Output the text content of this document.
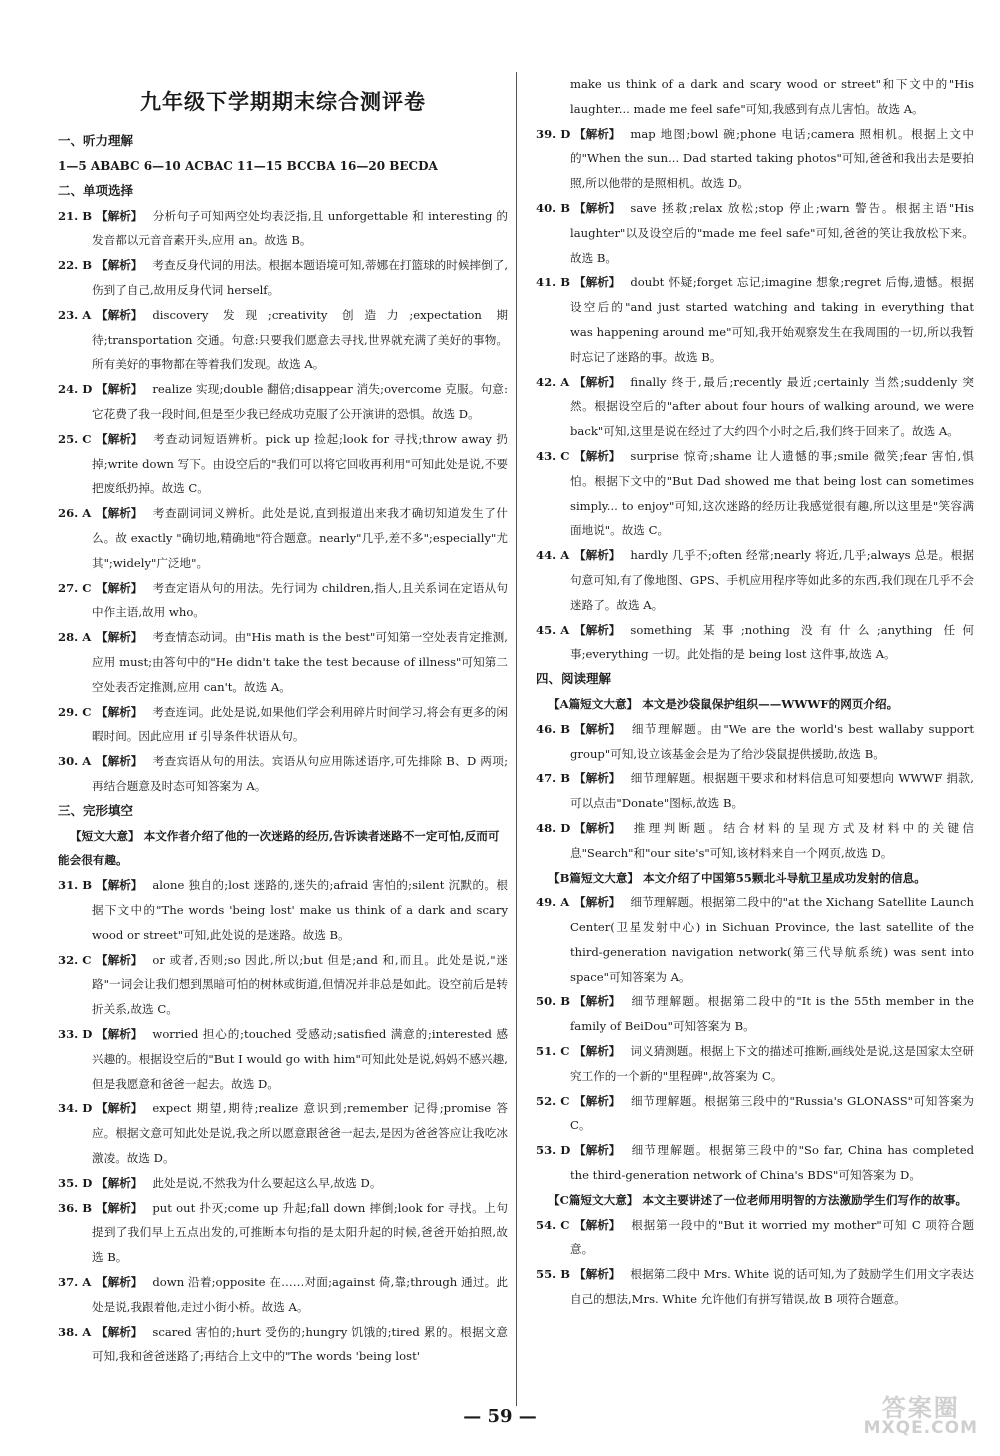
九年级下学期期末综合测评卷
一、听力理解
1—5 ABABC 6—10 ACBAC 11—15 BCCBA 16—20 BECDA
二、单项选择
21. B 【解析】 分析句子可知两空处均表泛指,且 unforgettable 和 interesting 的发音都以元音音素开头,应用 an。故选 B。
22. B 【解析】 考查反身代词的用法。根据本题语境可知,蒂娜在打篮球的时候摔倒了,伤到了自己,故用反身代词 herself。
23. A 【解析】 discovery 发现;creativity 创造力;expectation 期待;transportation 交通。句意:只要我们愿意去寻找,世界就充满了美好的事物。所有美好的事物都在等着我们发现。故选 A。
24. D 【解析】 realize 实现;double 翻倍;disappear 消失;overcome 克服。句意:它花费了我一段时间,但是至少我已经成功克服了公开演讲的恐惧。故选 D。
25. C 【解析】 考查动词短语辨析。pick up 捡起;look for 寻找;throw away 扔掉;write down 写下。由设空后的"我们可以将它回收再利用"可知此处是说,不要把废纸扔掉。故选 C。
26. A 【解析】 考查副词词义辨析。此处是说,直到报道出来我才确切知道发生了什么。故 exactly "确切地,精确地"符合题意。nearly"几乎,差不多";especially"尤其";widely"广泛地"。
27. C 【解析】 考查定语从句的用法。先行词为 children,指人,且关系词在定语从句中作主语,故用 who。
28. A 【解析】 考查情态动词。由"His math is the best"可知第一空处表肯定推测,应用 must;由答句中的"He didn't take the test because of illness"可知第二空处表否定推测,应用 can't。故选 A。
29. C 【解析】 考查连词。此处是说,如果他们学会利用碎片时间学习,将会有更多的闲暇时间。因此应用 if 引导条件状语从句。
30. A 【解析】 考查宾语从句的用法。宾语从句应用陈述语序,可先排除 B、D 两项;再结合题意及时态可知答案为 A。
三、完形填空
【短文大意】 本文作者介绍了他的一次迷路的经历,告诉读者迷路不一定可怕,反而可能会很有趣。
31. B 【解析】 alone 独自的;lost 迷路的,迷失的;afraid 害怕的;silent 沉默的。根据下文中的"The words 'being lost' make us think of a dark and scary wood or street"可知,此处说的是迷路。故选 B。
32. C 【解析】 or 或者,否则;so 因此,所以;but 但是;and 和,而且。此处是说,"迷路"一词会让我们想到黑暗可怕的树林或街道,但情况并非总是如此。设空前后是转折关系,故选 C。
33. D 【解析】 worried 担心的;touched 受感动;satisfied 满意的;interested 感兴趣的。根据设空后的"But I would go with him"可知此处是说,妈妈不感兴趣,但是我愿意和爸爸一起去。故选 D。
34. D 【解析】 expect 期望,期待;realize 意识到;remember 记得;promise 答应。根据文意可知此处是说,我之所以愿意跟爸爸一起去,是因为爸爸答应让我吃冰激凌。故选 D。
35. D 【解析】 此处是说,不然我为什么要起这么早,故选 D。
36. B 【解析】 put out 扑灭;come up 升起;fall down 摔倒;look for 寻找。上句提到了我们早上五点出发的,可推断本句指的是太阳升起的时候,爸爸开始拍照,故选 B。
37. A 【解析】 down 沿着;opposite 在……对面;against 倚,靠;through 通过。此处是说,我跟着他,走过小街小桥。故选 A。
38. A 【解析】 scared 害怕的;hurt 受伤的;hungry 饥饿的;tired 累的。根据文意可知,我和爸爸迷路了;再结合上文中的"The words 'being lost'
make us think of a dark and scary wood or street"和下文中的"His laughter... made me feel safe"可知,我感到有点儿害怕。故选 A。
39. D 【解析】 map 地图;bowl 碗;phone 电话;camera 照相机。根据上文中的"When the sun... Dad started taking photos"可知,爸爸和我出去是要拍照,所以他带的是照相机。故选 D。
40. B 【解析】 save 拯救;relax 放松;stop 停止;warn 警告。根据主语"His laughter"以及设空后的"made me feel safe"可知,爸爸的笑让我放松下来。故选 B。
41. B 【解析】 doubt 怀疑;forget 忘记;imagine 想象;regret 后悔,遗憾。根据设空后的"and just started watching and taking in everything that was happening around me"可知,我开始观察发生在我周围的一切,所以我暂时忘记了迷路的事。故选 B。
42. A 【解析】 finally 终于,最后;recently 最近;certainly 当然;suddenly 突然。根据设空后的"after about four hours of walking around, we were back"可知,这里是说在经过了大约四个小时之后,我们终于回来了。故选 A。
43. C 【解析】 surprise 惊奇;shame 让人遗憾的事;smile 微笑;fear 害怕,惧怕。根据下文中的"But Dad showed me that being lost can sometimes simply... to enjoy"可知,这次迷路的经历让我感觉很有趣,所以这里是"笑容满面地说"。故选 C。
44. A 【解析】 hardly 几乎不;often 经常;nearly 将近,几乎;always 总是。根据句意可知,有了像地图、GPS、手机应用程序等如此多的东西,我们现在几乎不会迷路了。故选 A。
45. A 【解析】 something 某事;nothing 没有什么;anything 任何事;everything 一切。此处指的是 being lost 这件事,故选 A。
四、阅读理解
【A篇短文大意】 本文是沙袋鼠保护组织——WWWF的网页介绍。
46. B 【解析】 细节理解题。由"We are the world's best wallaby support group"可知,设立该基金会是为了给沙袋鼠提供援助,故选 B。
47. B 【解析】 细节理解题。根据题干要求和材料信息可知要想向 WWWF 捐款,可以点击"Donate"图标,故选 B。
48. D 【解析】 推理判断题。结合材料的呈现方式及材料中的关键信息"Search"和"our site's"可知,该材料来自一个网页,故选 D。
【B篇短文大意】 本文介绍了中国第55颗北斗导航卫星成功发射的信息。
49. A 【解析】 细节理解题。根据第二段中的"at the Xichang Satellite Launch Center(卫星发射中心) in Sichuan Province, the last satellite of the third-generation navigation network(第三代导航系统) was sent into space"可知答案为 A。
50. B 【解析】 细节理解题。根据第二段中的"It is the 55th member in the family of BeiDou"可知答案为 B。
51. C 【解析】 词义猜测题。根据上下文的描述可推断,画线处是说,这是国家太空研究工作的一个新的"里程碑",故答案为 C。
52. C 【解析】 细节理解题。根据第三段中的"Russia's GLONASS"可知答案为 C。
53. D 【解析】 细节理解题。根据第三段中的"So far, China has completed the third-generation network of China's BDS"可知答案为 D。
【C篇短文大意】 本文主要讲述了一位老师用明智的方法激励学生们写作的故事。
54. C 【解析】 根据第一段中的"But it worried my mother"可知 C 项符合题意。
55. B 【解析】 根据第二段中 Mrs. White 说的话可知,为了鼓励学生们用文字表达自己的想法,Mrs. White 允许他们有拼写错误,故 B 项符合题意。
— 59 —	答案圈
MXQE.COM
